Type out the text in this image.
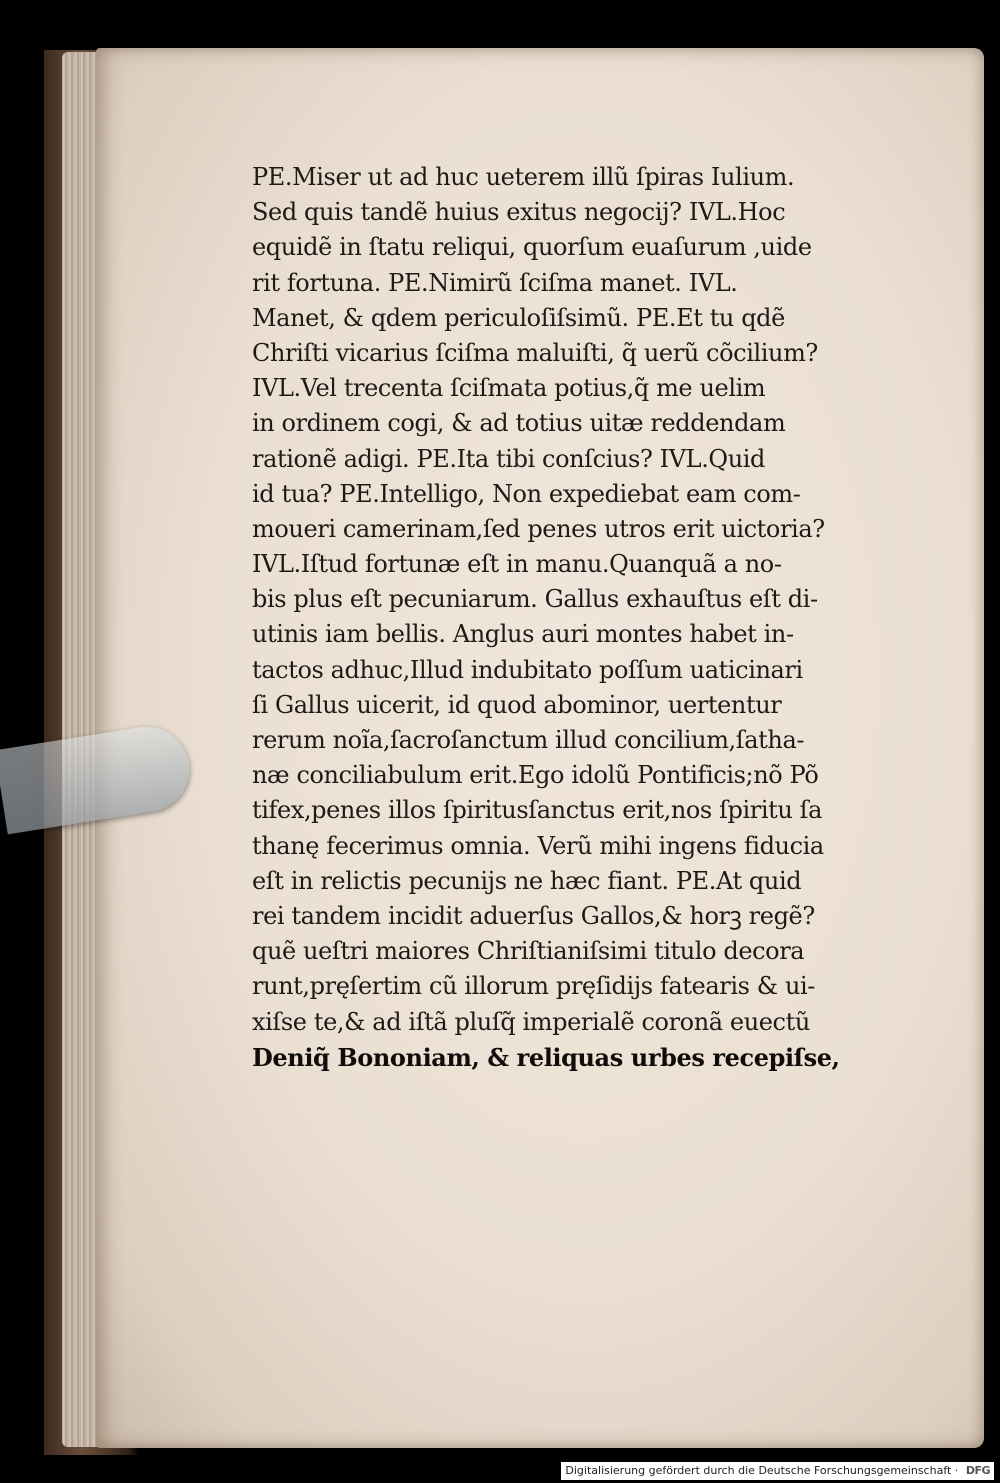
PE.Miser ut ad huc ueterem illũ ſpiras Iulium.
Sed quis tandẽ huius exitus negocij? IVL.Hoc
equidẽ in ſtatu reliqui, quorſum euaſurum ,uide
rit fortuna. PE.Nimirũ ſciſma manet. IVL.
Manet, & qdem periculoſiſsimũ. PE.Et tu qdẽ
Chriſti vicarius ſciſma maluiſti, q̃ uerũ cõcilium?
IVL.Vel trecenta ſciſmata potius,q̃ me uelim
in ordinem cogi, & ad totius uitæ reddendam
rationẽ adigi. PE.Ita tibi conſcius? IVL.Quid
id tua? PE.Intelligo, Non expediebat eam com-
moueri camerinam,ſed penes utros erit uictoria?
IVL.Iſtud fortunæ eſt in manu.Quanquã a no-
bis plus eſt pecuniarum. Gallus exhauſtus eſt di-
utinis iam bellis. Anglus auri montes habet in-
tactos adhuc,Illud indubitato poſſum uaticinari
ſi Gallus uicerit, id quod abominor, uertentur
rerum noĩa,ſacroſanctum illud concilium,ſatha-
næ conciliabulum erit.Ego idolũ Pontificis;nõ Põ
tifex,penes illos ſpiritusſanctus erit,nos ſpiritu ſa
thanę fecerimus omnia. Verũ mihi ingens fiducia
eſt in relictis pecunijs ne hæc fiant. PE.At quid
rei tandem incidit aduerſus Gallos,& horꝫ regẽ?
quẽ ueſtri maiores Chriſtianiſsimi titulo decora
runt,pręſertim cũ illorum pręſidijs fatearis & ui-
xiſse te,& ad iſtã pluſq̃ imperialẽ coronã euectũ
Deniq̃ Bononiam, & reliquas urbes recepiſse,
Digitalisierung gefördert durch die Deutsche Forschungsgemeinschaft · DFG
